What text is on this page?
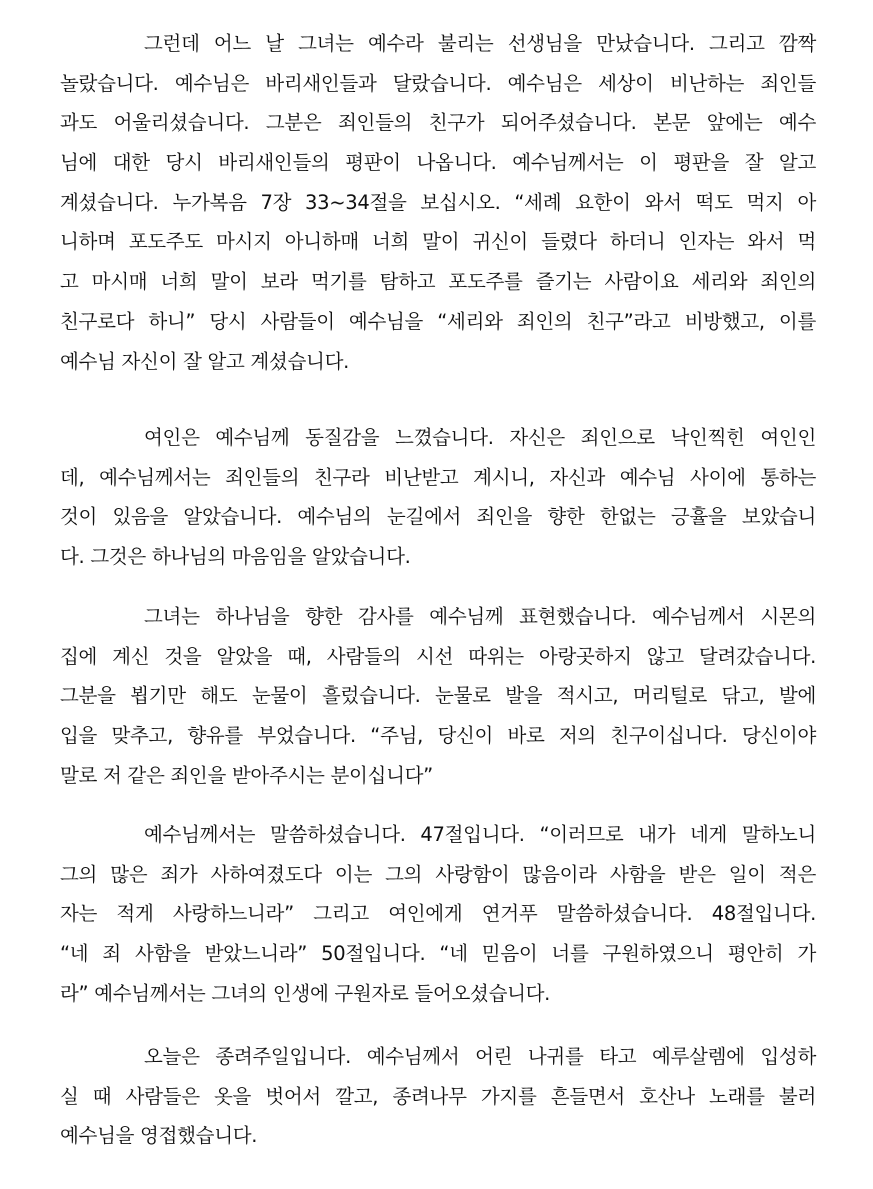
그런데 어느 날 그녀는 예수라 불리는 선생님을 만났습니다. 그리고 깜짝
놀랐습니다. 예수님은 바리새인들과 달랐습니다. 예수님은 세상이 비난하는 죄인들
과도 어울리셨습니다. 그분은 죄인들의 친구가 되어주셨습니다. 본문 앞에는 예수
님에 대한 당시 바리새인들의 평판이 나옵니다. 예수님께서는 이 평판을 잘 알고
계셨습니다. 누가복음 7장 33~34절을 보십시오. “세례 요한이 와서 떡도 먹지 아
니하며 포도주도 마시지 아니하매 너희 말이 귀신이 들렸다 하더니 인자는 와서 먹
고 마시매 너희 말이 보라 먹기를 탐하고 포도주를 즐기는 사람이요 세리와 죄인의
친구로다 하니” 당시 사람들이 예수님을 “세리와 죄인의 친구”라고 비방했고, 이를
예수님 자신이 잘 알고 계셨습니다.
여인은 예수님께 동질감을 느꼈습니다. 자신은 죄인으로 낙인찍힌 여인인
데, 예수님께서는 죄인들의 친구라 비난받고 계시니, 자신과 예수님 사이에 통하는
것이 있음을 알았습니다. 예수님의 눈길에서 죄인을 향한 한없는 긍휼을 보았습니
다. 그것은 하나님의 마음임을 알았습니다.
그녀는 하나님을 향한 감사를 예수님께 표현했습니다. 예수님께서 시몬의
집에 계신 것을 알았을 때, 사람들의 시선 따위는 아랑곳하지 않고 달려갔습니다.
그분을 뵙기만 해도 눈물이 흘렀습니다. 눈물로 발을 적시고, 머리털로 닦고, 발에
입을 맞추고, 향유를 부었습니다. “주님, 당신이 바로 저의 친구이십니다. 당신이야
말로 저 같은 죄인을 받아주시는 분이십니다”
예수님께서는 말씀하셨습니다. 47절입니다. “이러므로 내가 네게 말하노니
그의 많은 죄가 사하여졌도다 이는 그의 사랑함이 많음이라 사함을 받은 일이 적은
자는 적게 사랑하느니라” 그리고 여인에게 연거푸 말씀하셨습니다. 48절입니다.
“네 죄 사함을 받았느니라” 50절입니다. “네 믿음이 너를 구원하였으니 평안히 가
라” 예수님께서는 그녀의 인생에 구원자로 들어오셨습니다.
오늘은 종려주일입니다. 예수님께서 어린 나귀를 타고 예루살렘에 입성하
실 때 사람들은 옷을 벗어서 깔고, 종려나무 가지를 흔들면서 호산나 노래를 불러
예수님을 영접했습니다.
